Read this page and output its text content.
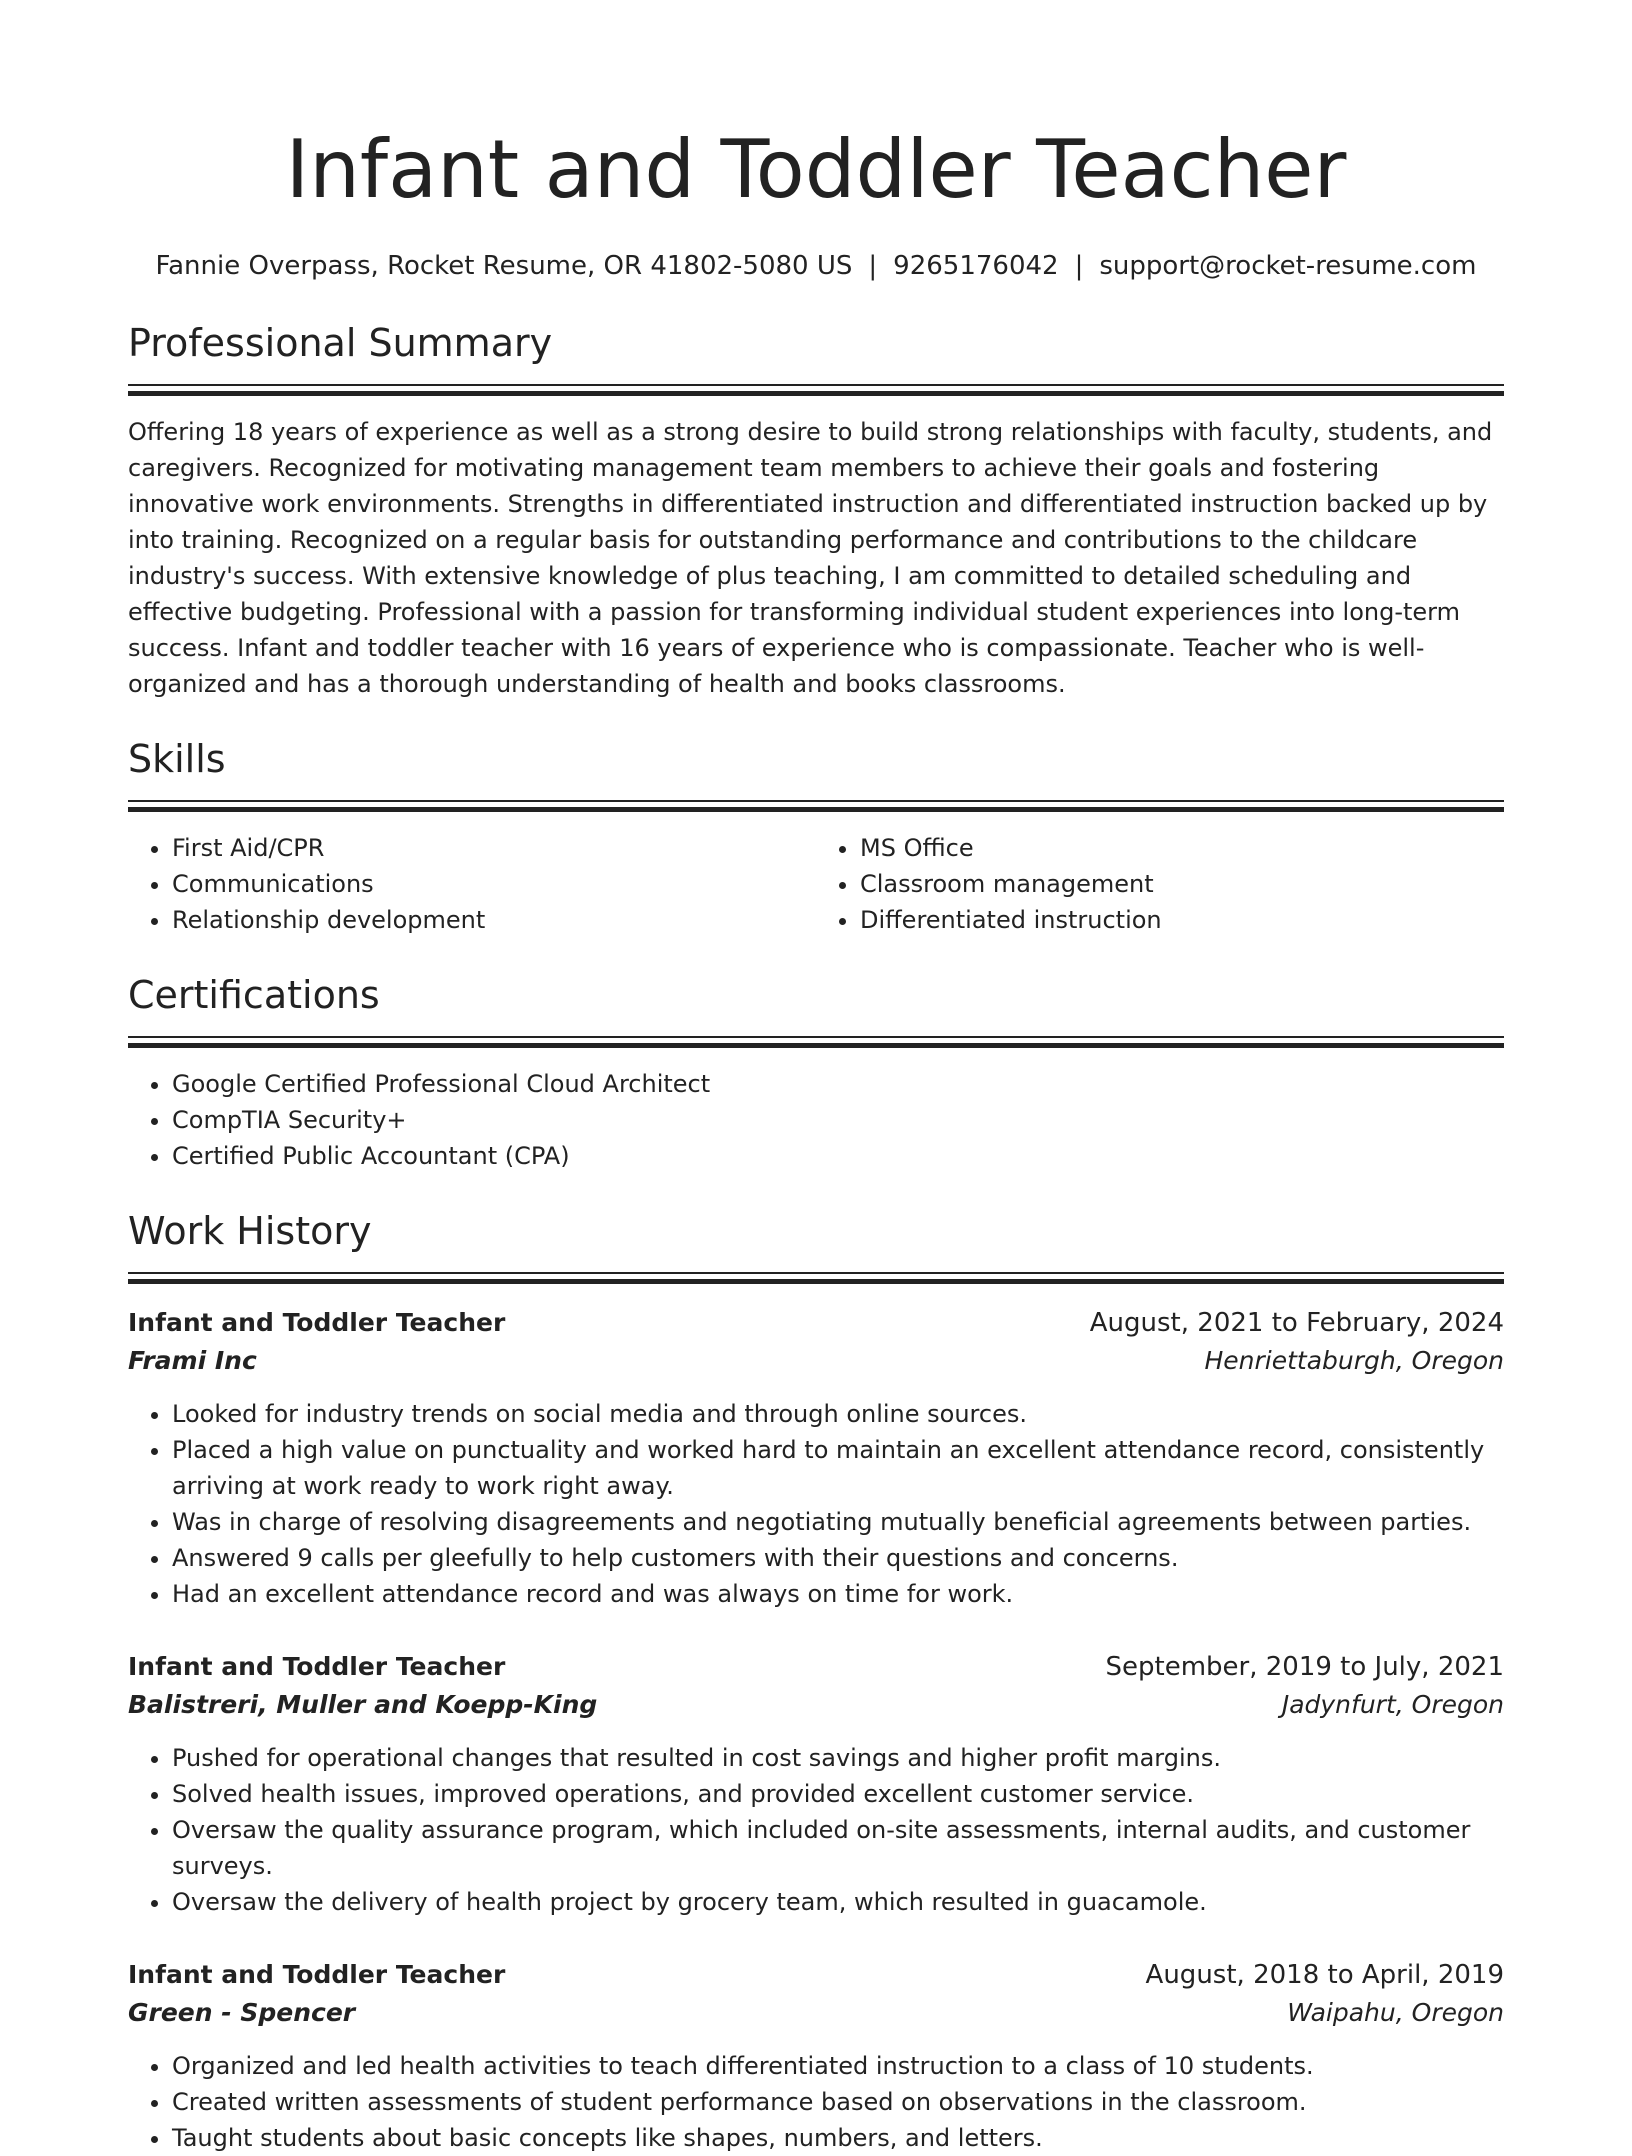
Infant and Toddler Teacher
Fannie Overpass, Rocket Resume, OR 41802-5080 US | 9265176042 | support@rocket-resume.com
Professional Summary
Offering 18 years of experience as well as a strong desire to build strong relationships with faculty, students, and caregivers. Recognized for motivating management team members to achieve their goals and fostering innovative work environments. Strengths in differentiated instruction and differentiated instruction backed up by into training. Recognized on a regular basis for outstanding performance and contributions to the childcare industry's success. With extensive knowledge of plus teaching, I am committed to detailed scheduling and effective budgeting. Professional with a passion for transforming individual student experiences into long-term success. Infant and toddler teacher with 16 years of experience who is compassionate. Teacher who is well-organized and has a thorough understanding of health and books classrooms.
Skills
• First Aid/CPR
• Communications
• Relationship development
• MS Office
• Classroom management
• Differentiated instruction
Certifications
• Google Certified Professional Cloud Architect
• CompTIA Security+
• Certified Public Accountant (CPA)
Work History
Infant and Toddler Teacher	August, 2021 to February, 2024
Frami Inc	Henriettaburgh, Oregon
• Looked for industry trends on social media and through online sources.
• Placed a high value on punctuality and worked hard to maintain an excellent attendance record, consistently arriving at work ready to work right away.
• Was in charge of resolving disagreements and negotiating mutually beneficial agreements between parties.
• Answered 9 calls per gleefully to help customers with their questions and concerns.
• Had an excellent attendance record and was always on time for work.
Infant and Toddler Teacher	September, 2019 to July, 2021
Balistreri, Muller and Koepp-King	Jadynfurt, Oregon
• Pushed for operational changes that resulted in cost savings and higher profit margins.
• Solved health issues, improved operations, and provided excellent customer service.
• Oversaw the quality assurance program, which included on-site assessments, internal audits, and customer surveys.
• Oversaw the delivery of health project by grocery team, which resulted in guacamole.
Infant and Toddler Teacher	August, 2018 to April, 2019
Green - Spencer	Waipahu, Oregon
• Organized and led health activities to teach differentiated instruction to a class of 10 students.
• Created written assessments of student performance based on observations in the classroom.
• Taught students about basic concepts like shapes, numbers, and letters.
